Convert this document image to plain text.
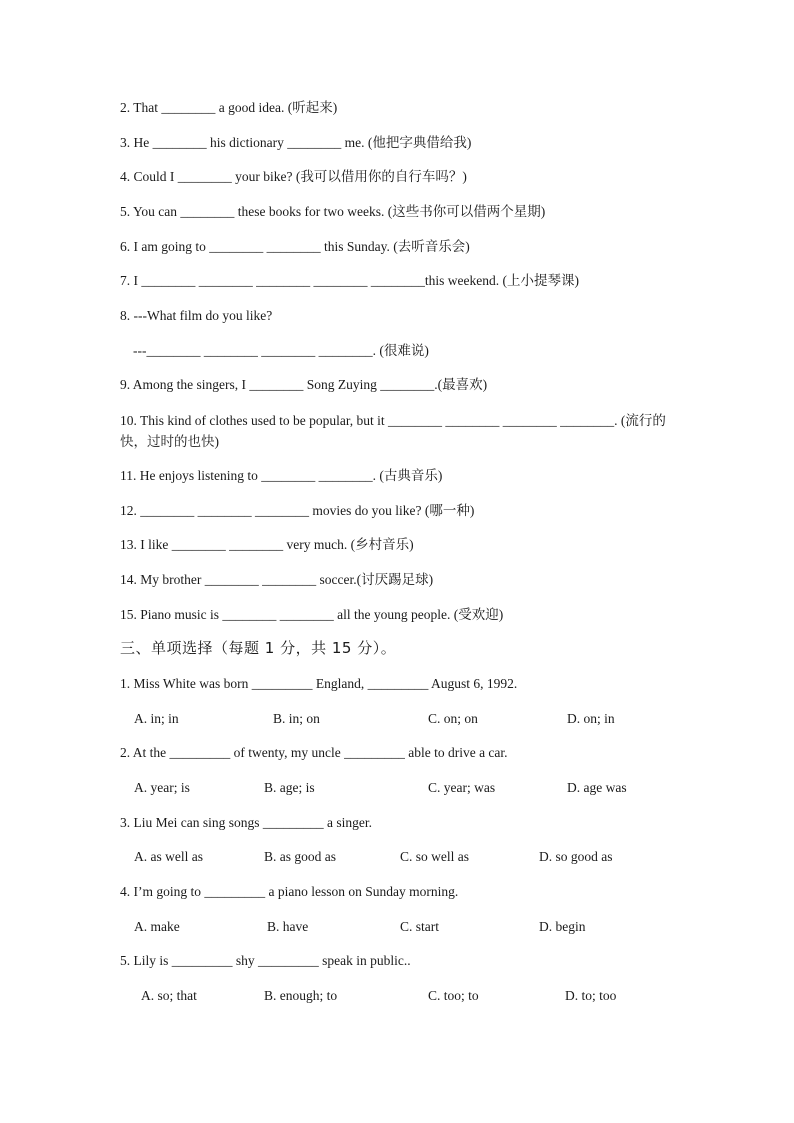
2. That ________ a good idea. (听起来)
3. He ________ his dictionary ________ me. (他把字典借给我)
4. Could I ________ your bike? (我可以借用你的自行车吗？)
5. You can ________ these books for two weeks. (这些书你可以借两个星期)
6. I am going to ________ ________ this Sunday. (去听音乐会)
7. I ________ ________ ________ ________ ________this weekend. (上小提琴课)
8. ---What film do you like?
---________ ________ ________ ________. (很难说)
9. Among the singers, I ________ Song Zuying ________.(最喜欢)
10. This kind of clothes used to be popular, but it ________ ________ ________ ________. (流行的快，过时的也快)
11. He enjoys listening to ________ ________. (古典音乐)
12. ________ ________ ________ movies do you like? (哪一种)
13. I like ________ ________ very much. (乡村音乐)
14. My brother ________ ________ soccer.(讨厌踢足球)
15. Piano music is ________ ________ all the young people. (受欢迎)
三、单项选择（每题 1 分，共 15 分）。
1. Miss White was born _________ England, _________ August 6, 1992.
A. in; in	B. in; on	C. on; on	D. on; in
2. At the _________ of twenty, my uncle _________ able to drive a car.
A. year; is	B. age; is	C. year; was	D. age was
3. Liu Mei can sing songs _________ a singer.
A. as well as	B. as good as	C. so well as	D. so good as
4. I’m going to _________ a piano lesson on Sunday morning.
A. make	B. have	C. start	D. begin
5. Lily is _________ shy _________ speak in public..
A. so; that	B. enough; to	C. too; to	D. to; too
